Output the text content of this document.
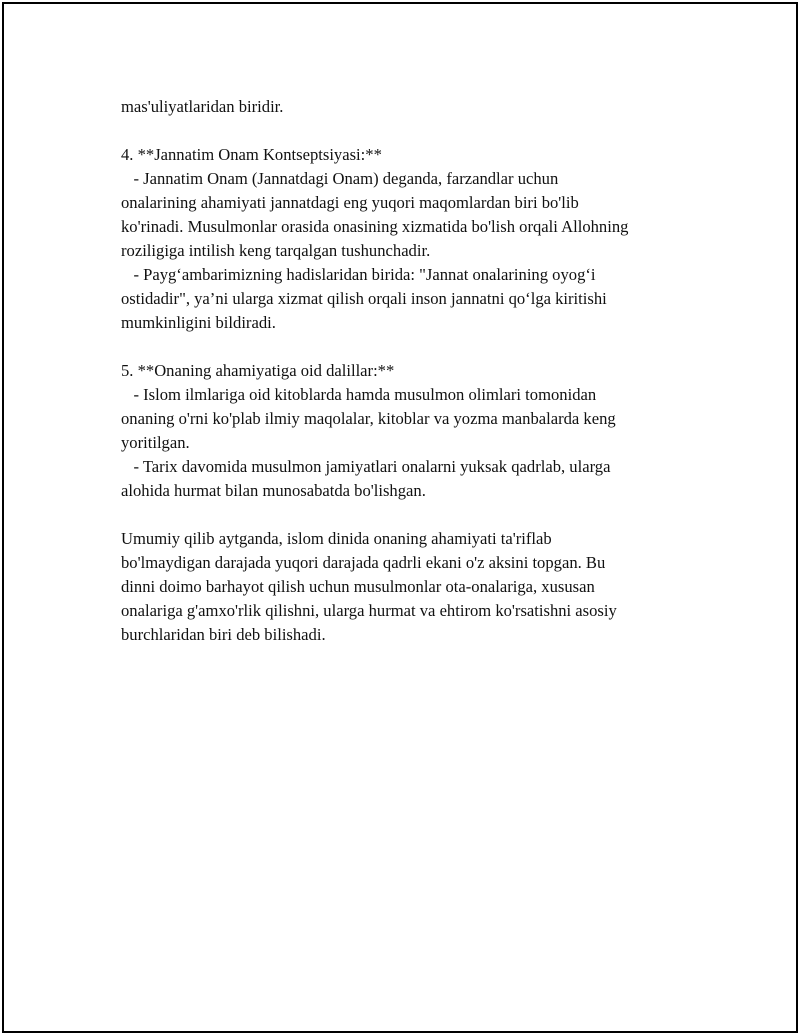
mas'uliyatlaridan biridir.
4. **Jannatim Onam Kontseptsiyasi:**
- Jannatim Onam (Jannatdagi Onam) deganda, farzandlar uchun
onalarining ahamiyati jannatdagi eng yuqori maqomlardan biri bo'lib
ko'rinadi. Musulmonlar orasida onasining xizmatida bo'lish orqali Allohning
roziligiga intilish keng tarqalgan tushunchadir.
- Payg‘ambarimizning hadislaridan birida: "Jannat onalarining oyog‘i
ostidadir", ya’ni ularga xizmat qilish orqali inson jannatni qo‘lga kiritishi
mumkinligini bildiradi.
5. **Onaning ahamiyatiga oid dalillar:**
- Islom ilmlariga oid kitoblarda hamda musulmon olimlari tomonidan
onaning o'rni ko'plab ilmiy maqolalar, kitoblar va yozma manbalarda keng
yoritilgan.
- Tarix davomida musulmon jamiyatlari onalarni yuksak qadrlab, ularga
alohida hurmat bilan munosabatda bo'lishgan.
Umumiy qilib aytganda, islom dinida onaning ahamiyati ta'riflab
bo'lmaydigan darajada yuqori darajada qadrli ekani o'z aksini topgan. Bu
dinni doimo barhayot qilish uchun musulmonlar ota-onalariga, xususan
onalariga g'amxo'rlik qilishni, ularga hurmat va ehtirom ko'rsatishni asosiy
burchlaridan biri deb bilishadi.
